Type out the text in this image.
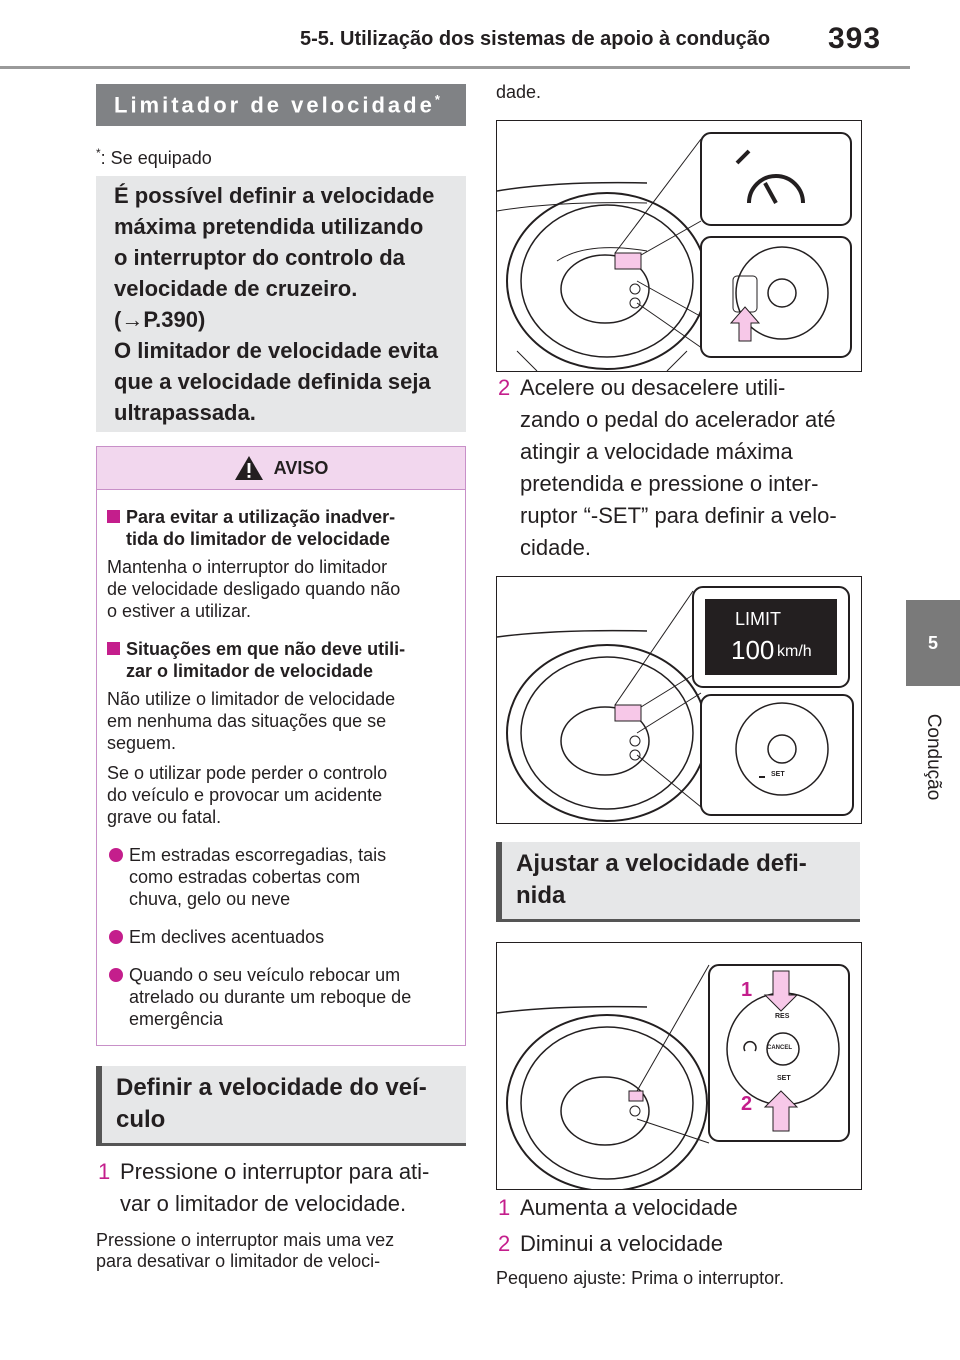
5-5. Utilização dos sistemas de apoio à condução 393
5
Condução
Limitador de velocidade*
*: Se equipado
É possível definir a velocidade
máxima pretendida utilizando
o interruptor do controlo da
velocidade de cruzeiro.
(→P.390)
O limitador de velocidade evita
que a velocidade definida seja
ultrapassada.
AVISO
Para evitar a utilização inadver-
tida do limitador de velocidade
Mantenha o interruptor do limitador
de velocidade desligado quando não
o estiver a utilizar.
Situações em que não deve utili-
zar o limitador de velocidade
Não utilize o limitador de velocidade
em nenhuma das situações que se
seguem.
Se o utilizar pode perder o controlo
do veículo e provocar um acidente
grave ou fatal.
Em estradas escorregadias, tais
como estradas cobertas com
chuva, gelo ou neve
Em declives acentuados
Quando o seu veículo rebocar um
atrelado ou durante um reboque de
emergência
Definir a velocidade do veí-
culo
1 Pressione o interruptor para ati-
var o limitador de velocidade.
Pressione o interruptor mais uma vez
para desativar o limitador de veloci-
dade.
2 Acelere ou desacelere utili-
zando o pedal do acelerador até
atingir a velocidade máxima
pretendida e pressione o inter-
ruptor “-SET” para definir a velo-
cidade.
LIMIT
100 km/h
SET
Ajustar a velocidade defi-
nida
RES
CANCEL
SET
1
2
1 Aumenta a velocidade
2 Diminui a velocidade
Pequeno ajuste: Prima o interruptor.
